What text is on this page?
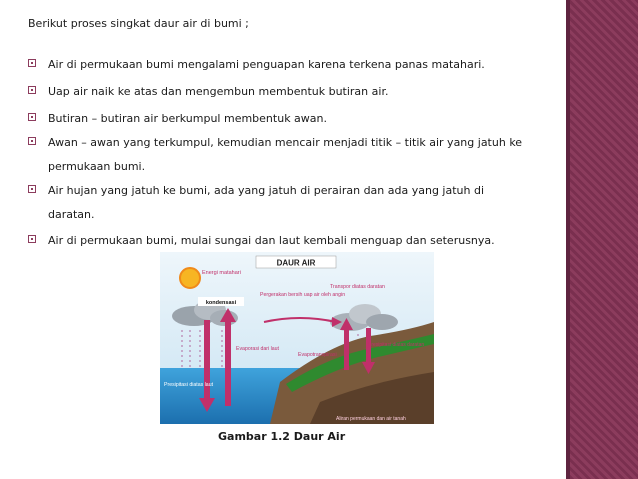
Berikut proses singkat daur air di bumi ;
Air di permukaan bumi mengalami penguapan karena terkena panas matahari.
Uap air naik ke atas dan mengembun membentuk butiran air.
Butiran – butiran air berkumpul membentuk awan.
Awan – awan yang terkumpul, kemudian mencair menjadi titik – titik air yang jatuh ke
permukaan bumi.
Air hujan yang jatuh ke bumi, ada yang jatuh di perairan dan ada yang jatuh di
daratan.
Air di permukaan bumi, mulai sungai dan laut kembali menguap dan seterusnya.
DAUR AIR
Energi matahari
kondensasi
Pergerakan bersih uap air oleh angin
Transpor diatas daratan
Evaporasi dari laut
Evapotranspirasi
Presipitasi diatas daratan
Presipitasi diatas laut
Aliran permukaan dan air tanah
Gambar 1.2 Daur Air
